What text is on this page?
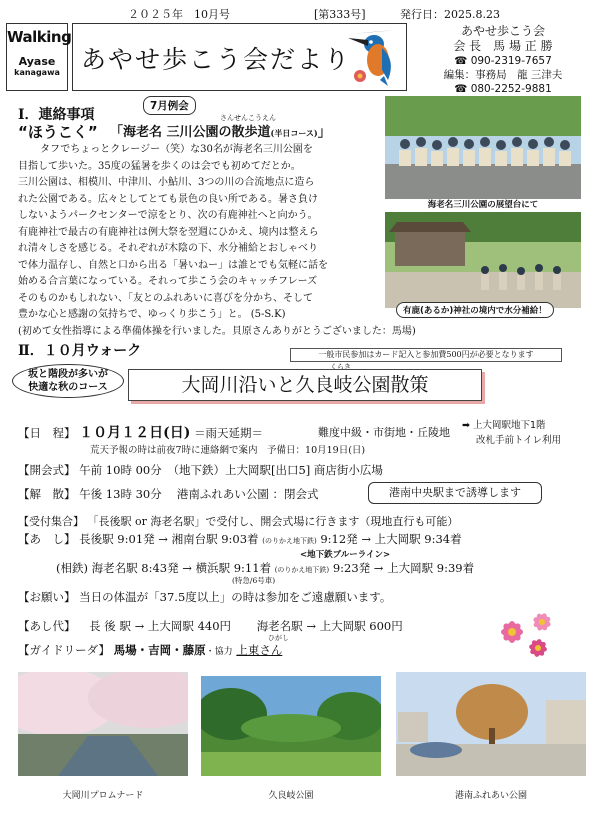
２０２５年　10月号	[第333号]	発行日：2025.8.23
Walking
Ayase
kanagawa あやせ歩こう会だより
あやせ歩こう会
会 長　馬 場 正 勝
☎ 090-2319-7657
編集：事務局　龍 三津夫
☎ 080-2252-9881
Ⅰ．連絡事項
7月例会
“ほうこく”
さんせんこうえん
「海老名 三川公園の散歩道(半日コース)」
タフでちょっとクレージー（笑）な30名が海老名三川公園を
目指して歩いた。35度の猛暑を歩くのは会でも初めてだとか。
三川公園は、相模川、中津川、小鮎川、3つの川の合流地点に造ら
れた公園である。広々としてとても景色の良い所である。暑さ負け
しないようパークセンターで涼をとり、次の有鹿神社へと向かう。
有鹿神社で最古の有鹿神社は例大祭を翌週にひかえ、境内は整えら
れ清々しさを感じる。それぞれが木陰の下、水分補給とおしゃべり
で体力温存し、自然と口から出る「暑いねー」は誰とでも気軽に話を
始める合言葉になっている。それって歩こう会のキャッチフレーズ
そのものかもしれない、「友とのふれあいに喜びを分かち、そして
豊かな心と感謝の気持ちで、ゆっくり歩こう」と。 (5-S.K)
(初めて女性指導による準備体操を行いました。貝原さんありがとうございました：馬場)
海老名三川公園の展望台にて
有鹿(あるか)神社の境内で水分補給！
Ⅱ．１０月ウォーク	一般市民参加はカード記入と参加費500円が必要となります
坂と階段が多いが
快適な秋のコース
くらき
大岡川沿いと久良岐公園散策
【日　程】 １０月１２日(日) ＝雨天延期＝	難度中級・市街地・丘陵地
荒天予報の時は前夜7時に連絡網で案内　予備日：10月19日(日)
➡ 上大岡駅地下1階
改札手前トイレ利用
【開会式】 午前 10時 00分　（地下鉄）上大岡駅[出口5] 商店街小広場
【解　散】 午後 13時 30分　 港南ふれあい公園 ：閉会式	港南中央駅まで誘導します
【受付集合】 「長後駅 or 海老名駅」で受付し、開会式場に行きます（現地直行も可能）
【あ　し】 長後駅 9:01発 → 湘南台駅 9:03着 (のりかえ地下鉄) 9:12発 → 上大岡駅 9:34着
<地下鉄ブルーライン>
(相鉄) 海老名駅 8:43発 → 横浜駅 9:11着 (のりかえ地下鉄) 9:23発 → 上大岡駅 9:39着
(特急/6号車)
【お願い】 当日の体温が「37.5度以上」の時は参加をご遠慮願います。
【あし代】 長 後 駅 → 上大岡駅 440円 海老名駅 → 上大岡駅 600円
ひがし
【ガイドリーダ】 馬場・吉岡・藤原・協力 上東さん
大岡川プロムナード	久良岐公園	港南ふれあい公園
